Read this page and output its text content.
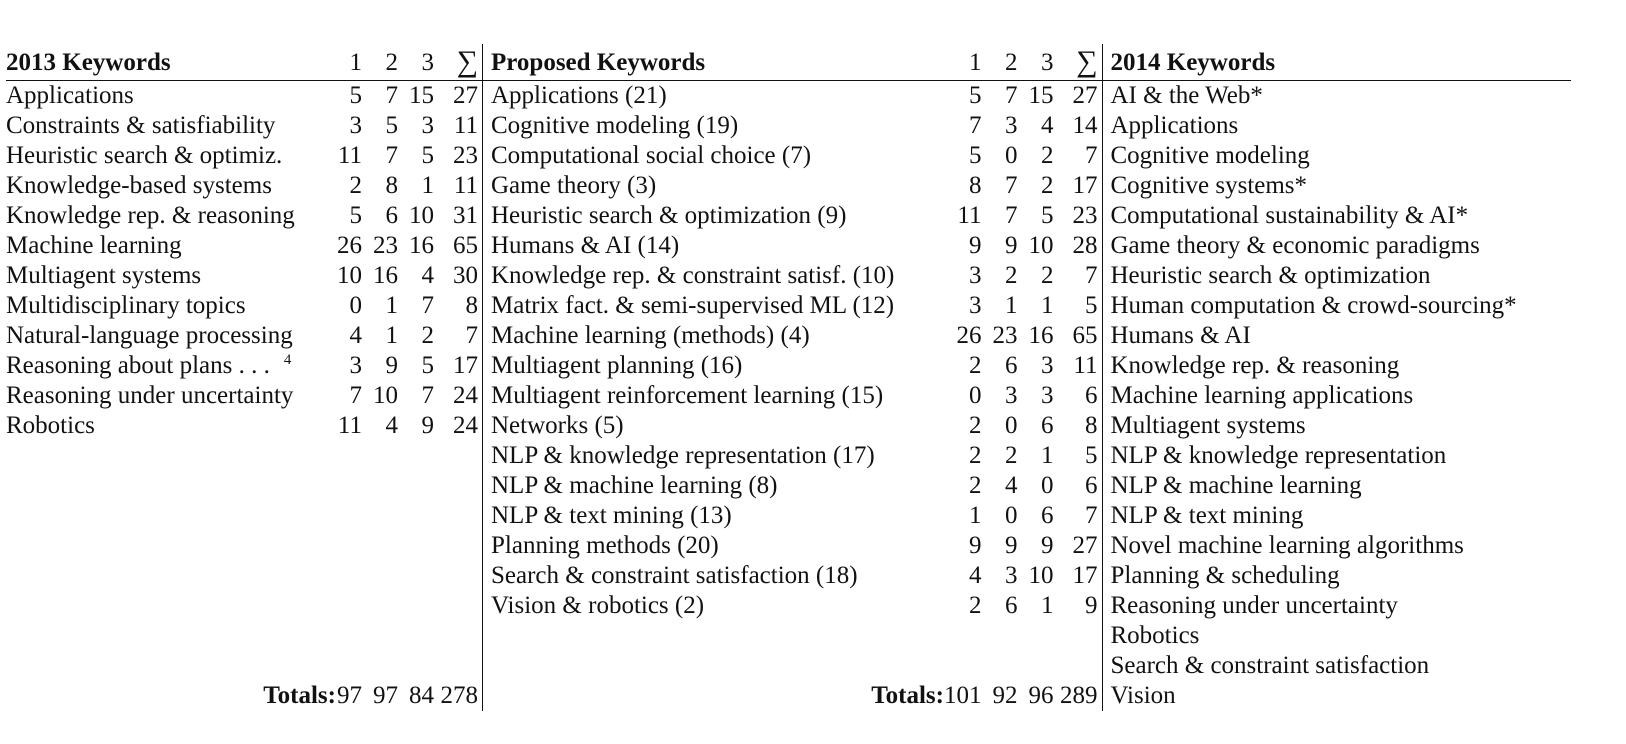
2013 Keywords	1	2	3	∑	Proposed Keywords	1	2	3	∑	2014 Keywords
Applications	5	7	15	27	Applications (21)	5	7	15	27	AI & the Web*
Constraints & satisfiability	3	5	3	11	Cognitive modeling (19)	7	3	4	14	Applications
Heuristic search & optimiz.	11	7	5	23	Computational social choice (7)	5	0	2	7	Cognitive modeling
Knowledge-based systems	2	8	1	11	Game theory (3)	8	7	2	17	Cognitive systems*
Knowledge rep. & reasoning	5	6	10	31	Heuristic search & optimization (9)	11	7	5	23	Computational sustainability & AI*
Machine learning	26	23	16	65	Humans & AI (14)	9	9	10	28	Game theory & economic paradigms
Multiagent systems	10	16	4	30	Knowledge rep. & constraint satisf. (10)	3	2	2	7	Heuristic search & optimization
Multidisciplinary topics	0	1	7	8	Matrix fact. & semi-supervised ML (12)	3	1	1	5	Human computation & crowd-sourcing*
Natural-language processing	4	1	2	7	Machine learning (methods) (4)	26	23	16	65	Humans & AI
Reasoning about plans . . . $^4$	3	9	5	17	Multiagent planning (16)	2	6	3	11	Knowledge rep. & reasoning
Reasoning under uncertainty	7	10	7	24	Multiagent reinforcement learning (15)	0	3	3	6	Machine learning applications
Robotics	11	4	9	24	Networks (5)	2	0	6	8	Multiagent systems
					NLP & knowledge representation (17)	2	2	1	5	NLP & knowledge representation
					NLP & machine learning (8)	2	4	0	6	NLP & machine learning
					NLP & text mining (13)	1	0	6	7	NLP & text mining
					Planning methods (20)	9	9	9	27	Novel machine learning algorithms
					Search & constraint satisfaction (18)	4	3	10	17	Planning & scheduling
					Vision & robotics (2)	2	6	1	9	Reasoning under uncertainty
										Robotics
										Search & constraint satisfaction
Totals:	97	97	84	278	Totals:	101	92	96	289	Vision
